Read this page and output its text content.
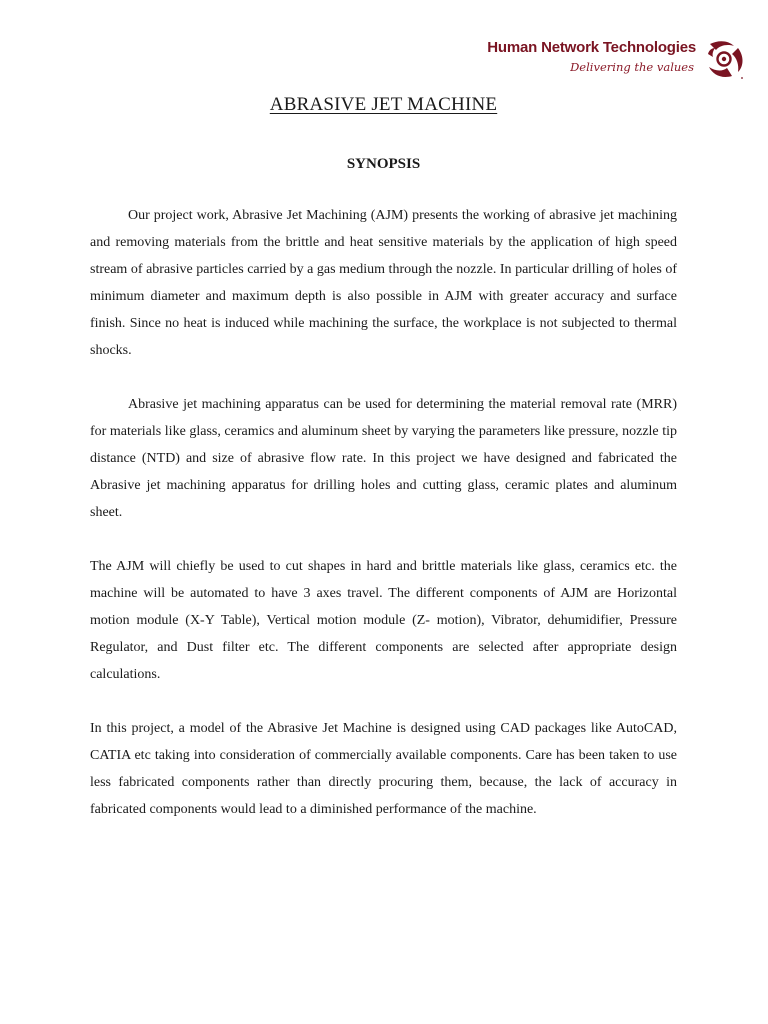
Human Network Technologies
Delivering the values
ABRASIVE JET MACHINE
SYNOPSIS

Our project work, Abrasive Jet Machining (AJM) presents the working of abrasive jet machining and removing materials from the brittle and heat sensitive materials by the application of high speed stream of abrasive particles carried by a gas medium through the nozzle. In particular drilling of holes of minimum diameter and maximum depth is also possible in AJM with greater accuracy and surface finish. Since no heat is induced while machining the surface, the workplace is not subjected to thermal shocks.

Abrasive jet machining apparatus can be used for determining the material removal rate (MRR) for materials like glass, ceramics and aluminum sheet by varying the parameters like pressure, nozzle tip distance (NTD) and size of abrasive flow rate. In this project we have designed and fabricated the Abrasive jet machining apparatus for drilling holes and cutting glass, ceramic plates and aluminum sheet.

The AJM will chiefly be used to cut shapes in hard and brittle materials like glass, ceramics etc. the machine will be automated to have 3 axes travel. The different components of AJM are Horizontal motion module (X-Y Table), Vertical motion module (Z- motion), Vibrator, dehumidifier, Pressure Regulator, and Dust filter etc. The different components are selected after appropriate design calculations.

In this project, a model of the Abrasive Jet Machine is designed using CAD packages like AutoCAD, CATIA etc taking into consideration of commercially available components. Care has been taken to use less fabricated components rather than directly procuring them, because, the lack of accuracy in fabricated components would lead to a diminished performance of the machine.
